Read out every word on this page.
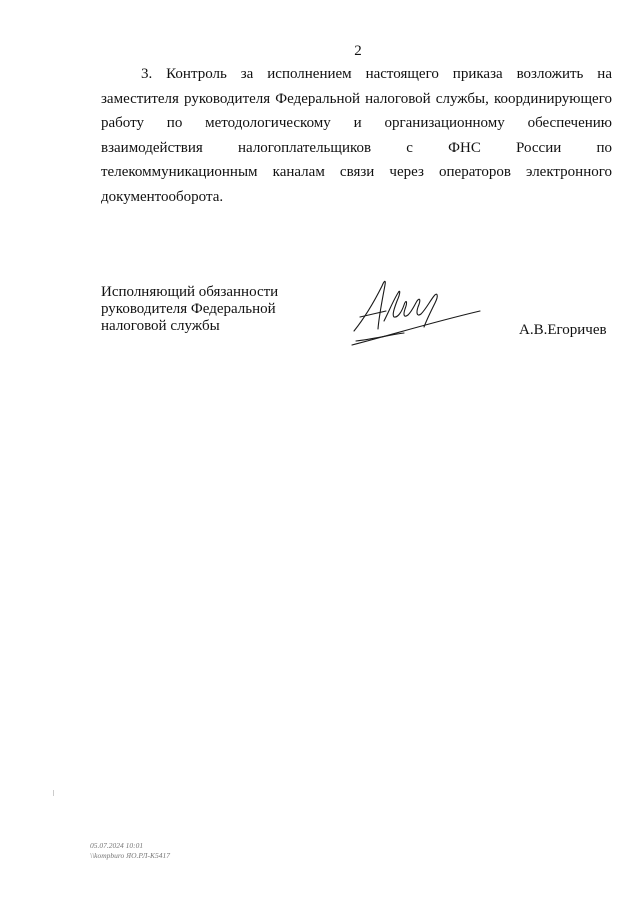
2

3. Контроль за исполнением настоящего приказа возложить на заместителя руководителя Федеральной налоговой службы, координирующего работу по методологическому и организационному обеспечению взаимодействия налогоплательщиков с ФНС России по телекоммуникационным каналам связи через операторов электронного документооборота.

Исполняющий обязанности
руководителя Федеральной
налоговой службы	А.В.Егоричев
05.07.2024 10:01
\\kompburo ЯО.РЛ-К5417
